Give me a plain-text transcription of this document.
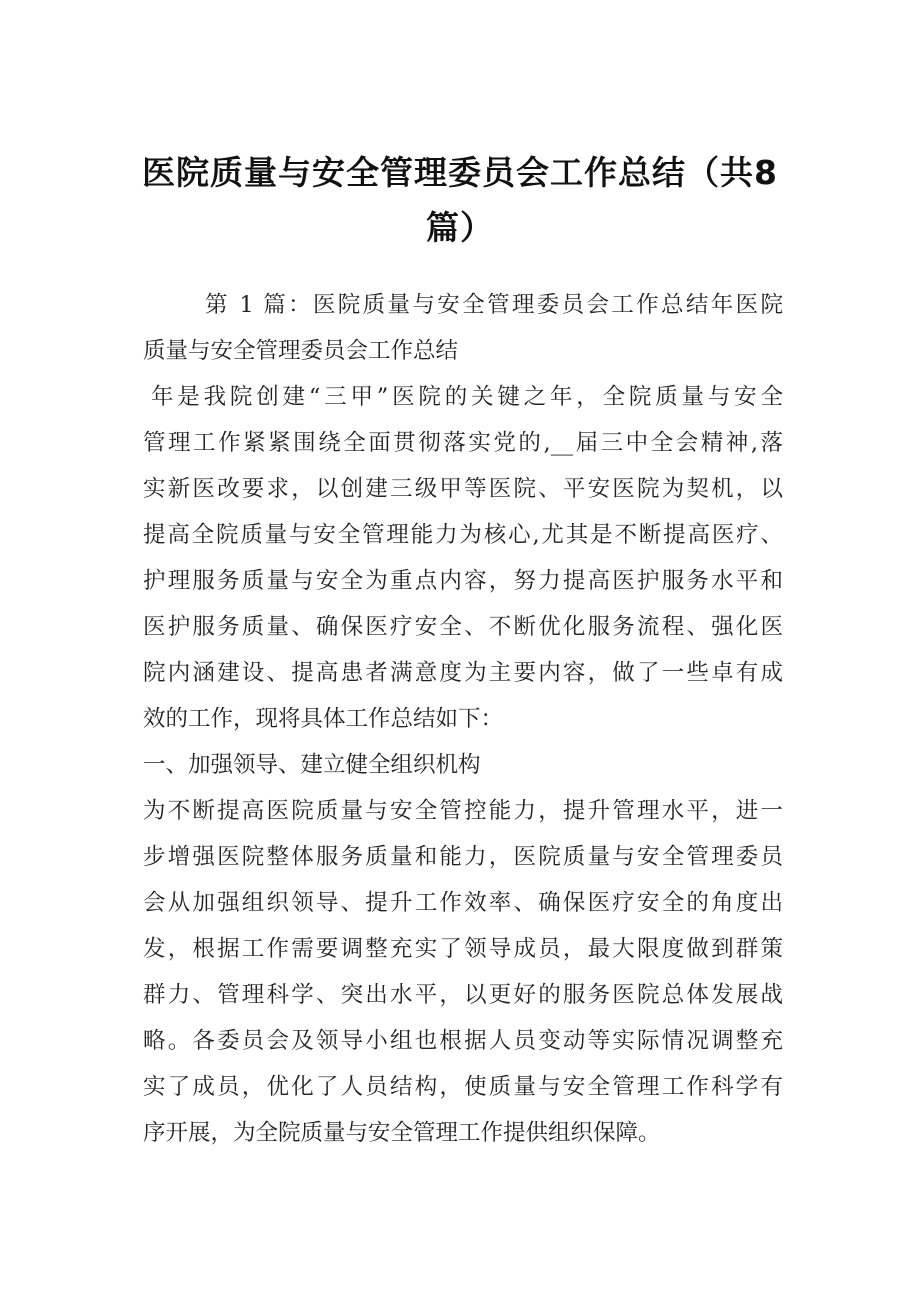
医院质量与安全管理委员会工作总结（共8
篇）
第 1 篇：医院质量与安全管理委员会工作总结年医院
质量与安全管理委员会工作总结
年是我院创建“三甲”医院的关键之年，全院质量与安全
管理工作紧紧围绕全面贯彻落实党的,__届三中全会精神,落
实新医改要求，以创建三级甲等医院、平安医院为契机，以
提高全院质量与安全管理能力为核心,尤其是不断提高医疗、
护理服务质量与安全为重点内容，努力提高医护服务水平和
医护服务质量、确保医疗安全、不断优化服务流程、强化医
院内涵建设、提高患者满意度为主要内容，做了一些卓有成
效的工作，现将具体工作总结如下：
一、加强领导、建立健全组织机构
为不断提高医院质量与安全管控能力，提升管理水平，进一
步增强医院整体服务质量和能力，医院质量与安全管理委员
会从加强组织领导、提升工作效率、确保医疗安全的角度出
发，根据工作需要调整充实了领导成员，最大限度做到群策
群力、管理科学、突出水平，以更好的服务医院总体发展战
略。各委员会及领导小组也根据人员变动等实际情况调整充
实了成员，优化了人员结构，使质量与安全管理工作科学有
序开展，为全院质量与安全管理工作提供组织保障。
